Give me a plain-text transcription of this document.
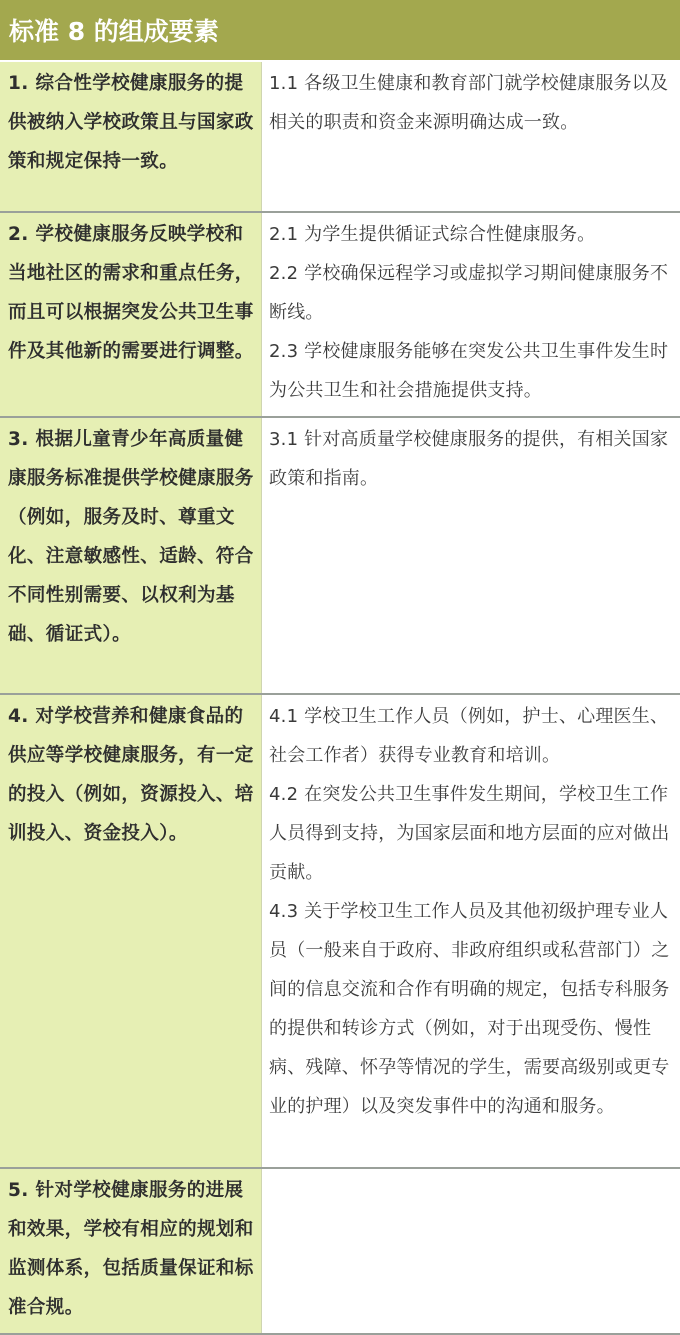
标准 8 的组成要素

1. 综合性学校健康服务的提供被纳入学校政策且与国家政策和规定保持一致。

1.1 各级卫生健康和教育部门就学校健康服务以及相关的职责和资金来源明确达成一致。

2. 学校健康服务反映学校和当地社区的需求和重点任务，而且可以根据突发公共卫生事件及其他新的需要进行调整。

2.1 为学生提供循证式综合性健康服务。

2.2 学校确保远程学习或虚拟学习期间健康服务不断线。

2.3 学校健康服务能够在突发公共卫生事件发生时为公共卫生和社会措施提供支持。

3. 根据儿童青少年高质量健康服务标准提供学校健康服务（例如，服务及时、尊重文化、注意敏感性、适龄、符合不同性别需要、以权利为基础、循证式）。

3.1 针对高质量学校健康服务的提供，有相关国家政策和指南。

4. 对学校营养和健康食品的供应等学校健康服务，有一定的投入（例如，资源投入、培训投入、资金投入）。

4.1 学校卫生工作人员（例如，护士、心理医生、社会工作者）获得专业教育和培训。

4.2 在突发公共卫生事件发生期间，学校卫生工作人员得到支持，为国家层面和地方层面的应对做出贡献。

4.3 关于学校卫生工作人员及其他初级护理专业人员（一般来自于政府、非政府组织或私营部门）之间的信息交流和合作有明确的规定，包括专科服务的提供和转诊方式（例如，对于出现受伤、慢性病、残障、怀孕等情况的学生，需要高级别或更专业的护理）以及突发事件中的沟通和服务。

5. 针对学校健康服务的进展和效果，学校有相应的规划和监测体系，包括质量保证和标准合规。
